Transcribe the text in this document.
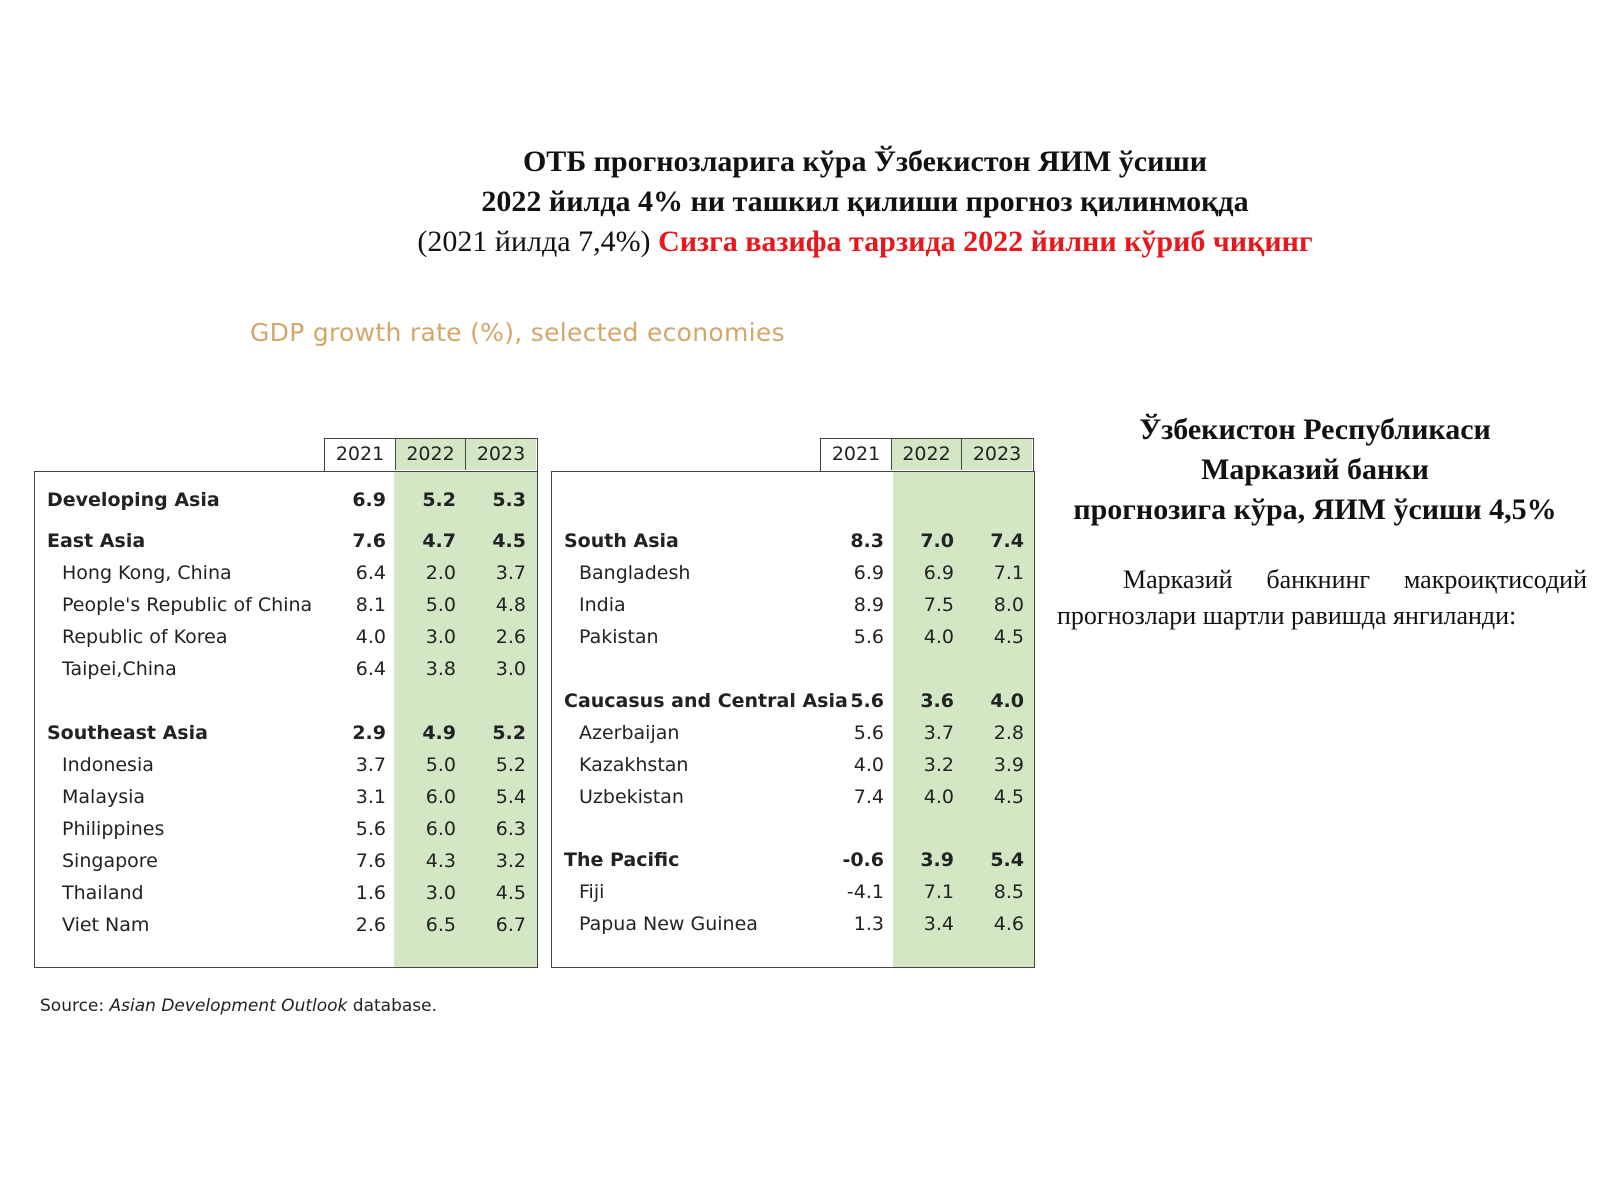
ОТБ прогнозларига кўра Ўзбекистон ЯИМ ўсиши
2022 йилда 4% ни ташкил қилиши прогноз қилинмоқда
(2021 йилда 7,4%) Сизга вазифа тарзида 2022 йилни кўриб чиқинг
GDP growth rate (%), selected economies
2021	2022	2023
Developing Asia	6.9	5.2	5.3
East Asia	7.6	4.7	4.5
Hong Kong, China	6.4	2.0	3.7
People's Republic of China	8.1	5.0	4.8
Republic of Korea	4.0	3.0	2.6
Taipei,China	6.4	3.8	3.0
Southeast Asia	2.9	4.9	5.2
Indonesia	3.7	5.0	5.2
Malaysia	3.1	6.0	5.4
Philippines	5.6	6.0	6.3
Singapore	7.6	4.3	3.2
Thailand	1.6	3.0	4.5
Viet Nam	2.6	6.5	6.7
2021	2022	2023
South Asia	8.3	7.0	7.4
Bangladesh	6.9	6.9	7.1
India	8.9	7.5	8.0
Pakistan	5.6	4.0	4.5
Caucasus and Central Asia 5.6	3.6	4.0
Azerbaijan	5.6	3.7	2.8
Kazakhstan	4.0	3.2	3.9
Uzbekistan	7.4	4.0	4.5
The Pacific	-0.6	3.9	5.4
Fiji	-4.1	7.1	8.5
Papua New Guinea	1.3	3.4	4.6
Source: Asian Development Outlook database.
Ўзбекистон Республикаси
Марказий банки
прогнозига кўра, ЯИМ ўсиши 4,5%
Марказий банкнинг макроиқтисодий
прогнозлари шартли равишда янгиланди:
